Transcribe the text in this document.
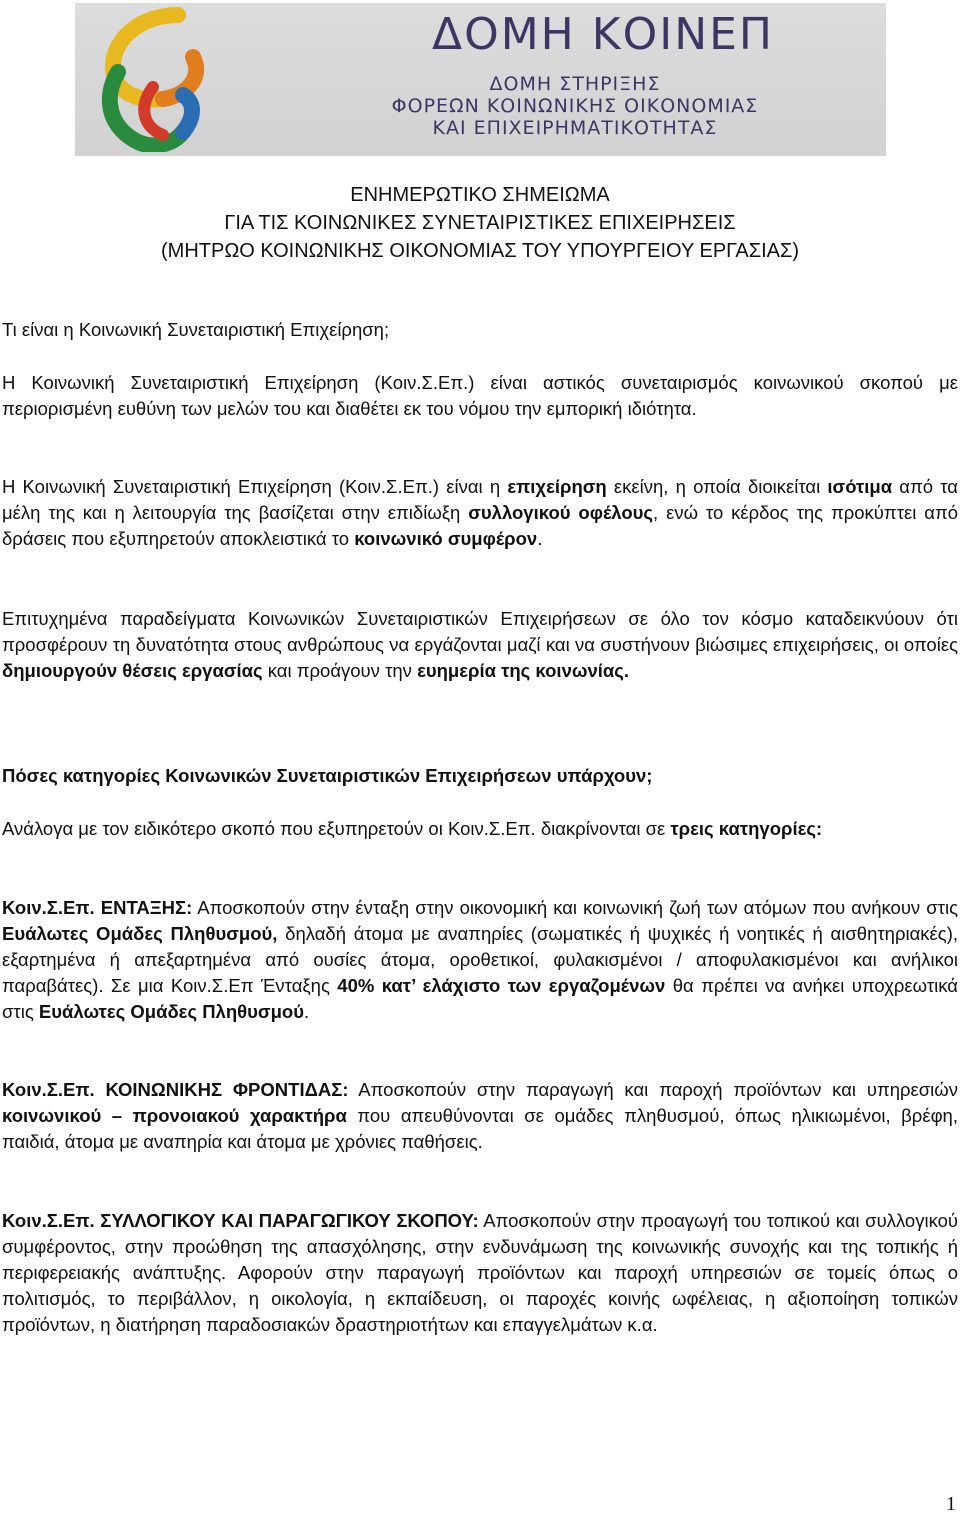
ΔΟΜΗ ΚΟΙΝΕΠ
ΔΟΜΗ ΣΤΗΡΙΞΗΣ
ΦΟΡΕΩΝ ΚΟΙΝΩΝΙΚΗΣ ΟΙΚΟΝΟΜΙΑΣ
ΚΑΙ ΕΠΙΧΕΙΡΗΜΑΤΙΚΟΤΗΤΑΣ
ΕΝΗΜΕΡΩΤΙΚΟ ΣΗΜΕΙΩΜΑ
ΓΙΑ ΤΙΣ ΚΟΙΝΩΝΙΚΕΣ ΣΥΝΕΤΑΙΡΙΣΤΙΚΕΣ ΕΠΙΧΕΙΡΗΣΕΙΣ
(ΜΗΤΡΩΟ ΚΟΙΝΩΝΙΚΗΣ ΟΙΚΟΝΟΜΙΑΣ ΤΟΥ ΥΠΟΥΡΓΕΙΟΥ ΕΡΓΑΣΙΑΣ)

Τι είναι η Κοινωνική Συνεταιριστική Επιχείρηση;

Η Κοινωνική Συνεταιριστική Επιχείρηση (Κοιν.Σ.Επ.) είναι αστικός συνεταιρισμός κοινωνικού σκοπού με περιορισμένη ευθύνη των μελών του και διαθέτει εκ του νόμου την εμπορική ιδιότητα.

Η Κοινωνική Συνεταιριστική Επιχείρηση (Κοιν.Σ.Επ.) είναι η επιχείρηση εκείνη, η οποία διοικείται ισότιμα από τα μέλη της και η λειτουργία της βασίζεται στην επιδίωξη συλλογικού οφέλους, ενώ το κέρδος της προκύπτει από δράσεις που εξυπηρετούν αποκλειστικά το κοινωνικό συμφέρον.

Επιτυχημένα παραδείγματα Κοινωνικών Συνεταιριστικών Επιχειρήσεων σε όλο τον κόσμο καταδεικνύουν ότι προσφέρουν τη δυνατότητα στους ανθρώπους να εργάζονται μαζί και να συστήνουν βιώσιμες επιχειρήσεις, οι οποίες δημιουργούν θέσεις εργασίας και προάγουν την ευημερία της κοινωνίας.

Πόσες κατηγορίες Κοινωνικών Συνεταιριστικών Επιχειρήσεων υπάρχουν;

Ανάλογα με τον ειδικότερο σκοπό που εξυπηρετούν οι Κοιν.Σ.Επ. διακρίνονται σε τρεις κατηγορίες:

Κοιν.Σ.Επ. ΕΝΤΑΞΗΣ: Αποσκοπούν στην ένταξη στην οικονομική και κοινωνική ζωή των ατόμων που ανήκουν στις Ευάλωτες Ομάδες Πληθυσμού, δηλαδή άτομα με αναπηρίες (σωματικές ή ψυχικές ή νοητικές ή αισθητηριακές), εξαρτημένα ή απεξαρτημένα από ουσίες άτομα, οροθετικοί, φυλακισμένοι / αποφυλακισμένοι και ανήλικοι παραβάτες). Σε μια Κοιν.Σ.Επ Ένταξης 40% κατ’ ελάχιστο των εργαζομένων θα πρέπει να ανήκει υποχρεωτικά στις Ευάλωτες Ομάδες Πληθυσμού.

Κοιν.Σ.Επ. ΚΟΙΝΩΝΙΚΗΣ ΦΡΟΝΤΙΔΑΣ: Αποσκοπούν στην παραγωγή και παροχή προϊόντων και υπηρεσιών κοινωνικού – προνοιακού χαρακτήρα που απευθύνονται σε ομάδες πληθυσμού, όπως ηλικιωμένοι, βρέφη, παιδιά, άτομα με αναπηρία και άτομα με χρόνιες παθήσεις.

Κοιν.Σ.Επ. ΣΥΛΛΟΓΙΚΟΥ ΚΑΙ ΠΑΡΑΓΩΓΙΚΟΥ ΣΚΟΠΟΥ: Αποσκοπούν στην προαγωγή του τοπικού και συλλογικού συμφέροντος, στην προώθηση της απασχόλησης, στην ενδυνάμωση της κοινωνικής συνοχής και της τοπικής ή περιφερειακής ανάπτυξης. Αφορούν στην παραγωγή προϊόντων και παροχή υπηρεσιών σε τομείς όπως ο πολιτισμός, το περιβάλλον, η οικολογία, η εκπαίδευση, οι παροχές κοινής ωφέλειας, η αξιοποίηση τοπικών προϊόντων, η διατήρηση παραδοσιακών δραστηριοτήτων και επαγγελμάτων κ.α.

1
